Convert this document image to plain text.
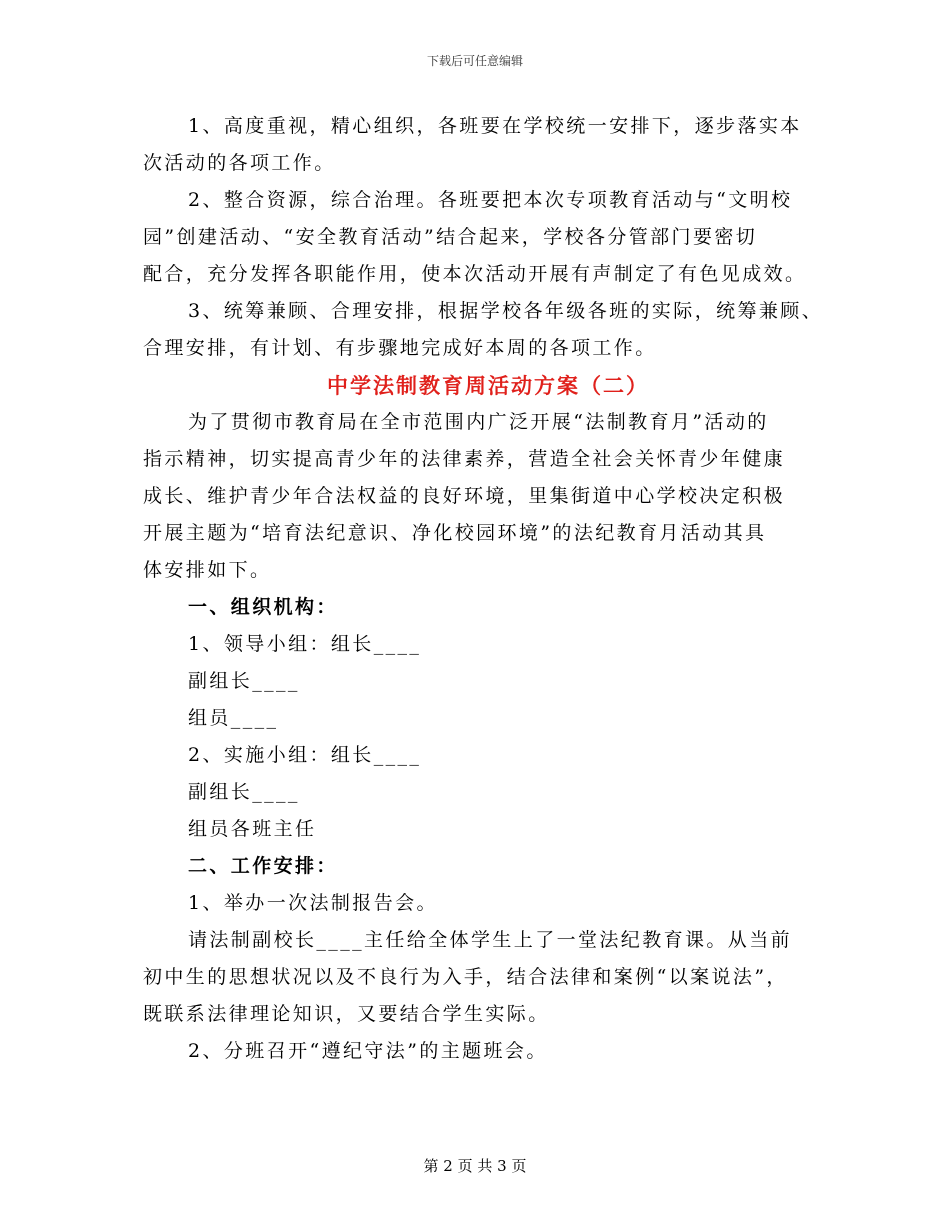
下载后可任意编辑
1、高度重视，精心组织，各班要在学校统一安排下，逐步落实本
次活动的各项工作。
2、整合资源，综合治理。各班要把本次专项教育活动与“文明校
园”创建活动、“安全教育活动”结合起来，学校各分管部门要密切
配合，充分发挥各职能作用，使本次活动开展有声制定了有色见成效。
3、统筹兼顾、合理安排，根据学校各年级各班的实际，统筹兼顾、
合理安排，有计划、有步骤地完成好本周的各项工作。
中学法制教育周活动方案（二）
为了贯彻市教育局在全市范围内广泛开展“法制教育月”活动的
指示精神，切实提高青少年的法律素养，营造全社会关怀青少年健康
成长、维护青少年合法权益的良好环境，里集街道中心学校决定积极
开展主题为“培育法纪意识、净化校园环境”的法纪教育月活动其具
体安排如下。
一、组织机构：
1、领导小组：组长____
副组长____
组员____
2、实施小组：组长____
副组长____
组员各班主任
二、工作安排：
1、举办一次法制报告会。
请法制副校长____主任给全体学生上了一堂法纪教育课。从当前
初中生的思想状况以及不良行为入手，结合法律和案例“以案说法”，
既联系法律理论知识，又要结合学生实际。
2、分班召开“遵纪守法”的主题班会。
第 2 页 共 3 页
